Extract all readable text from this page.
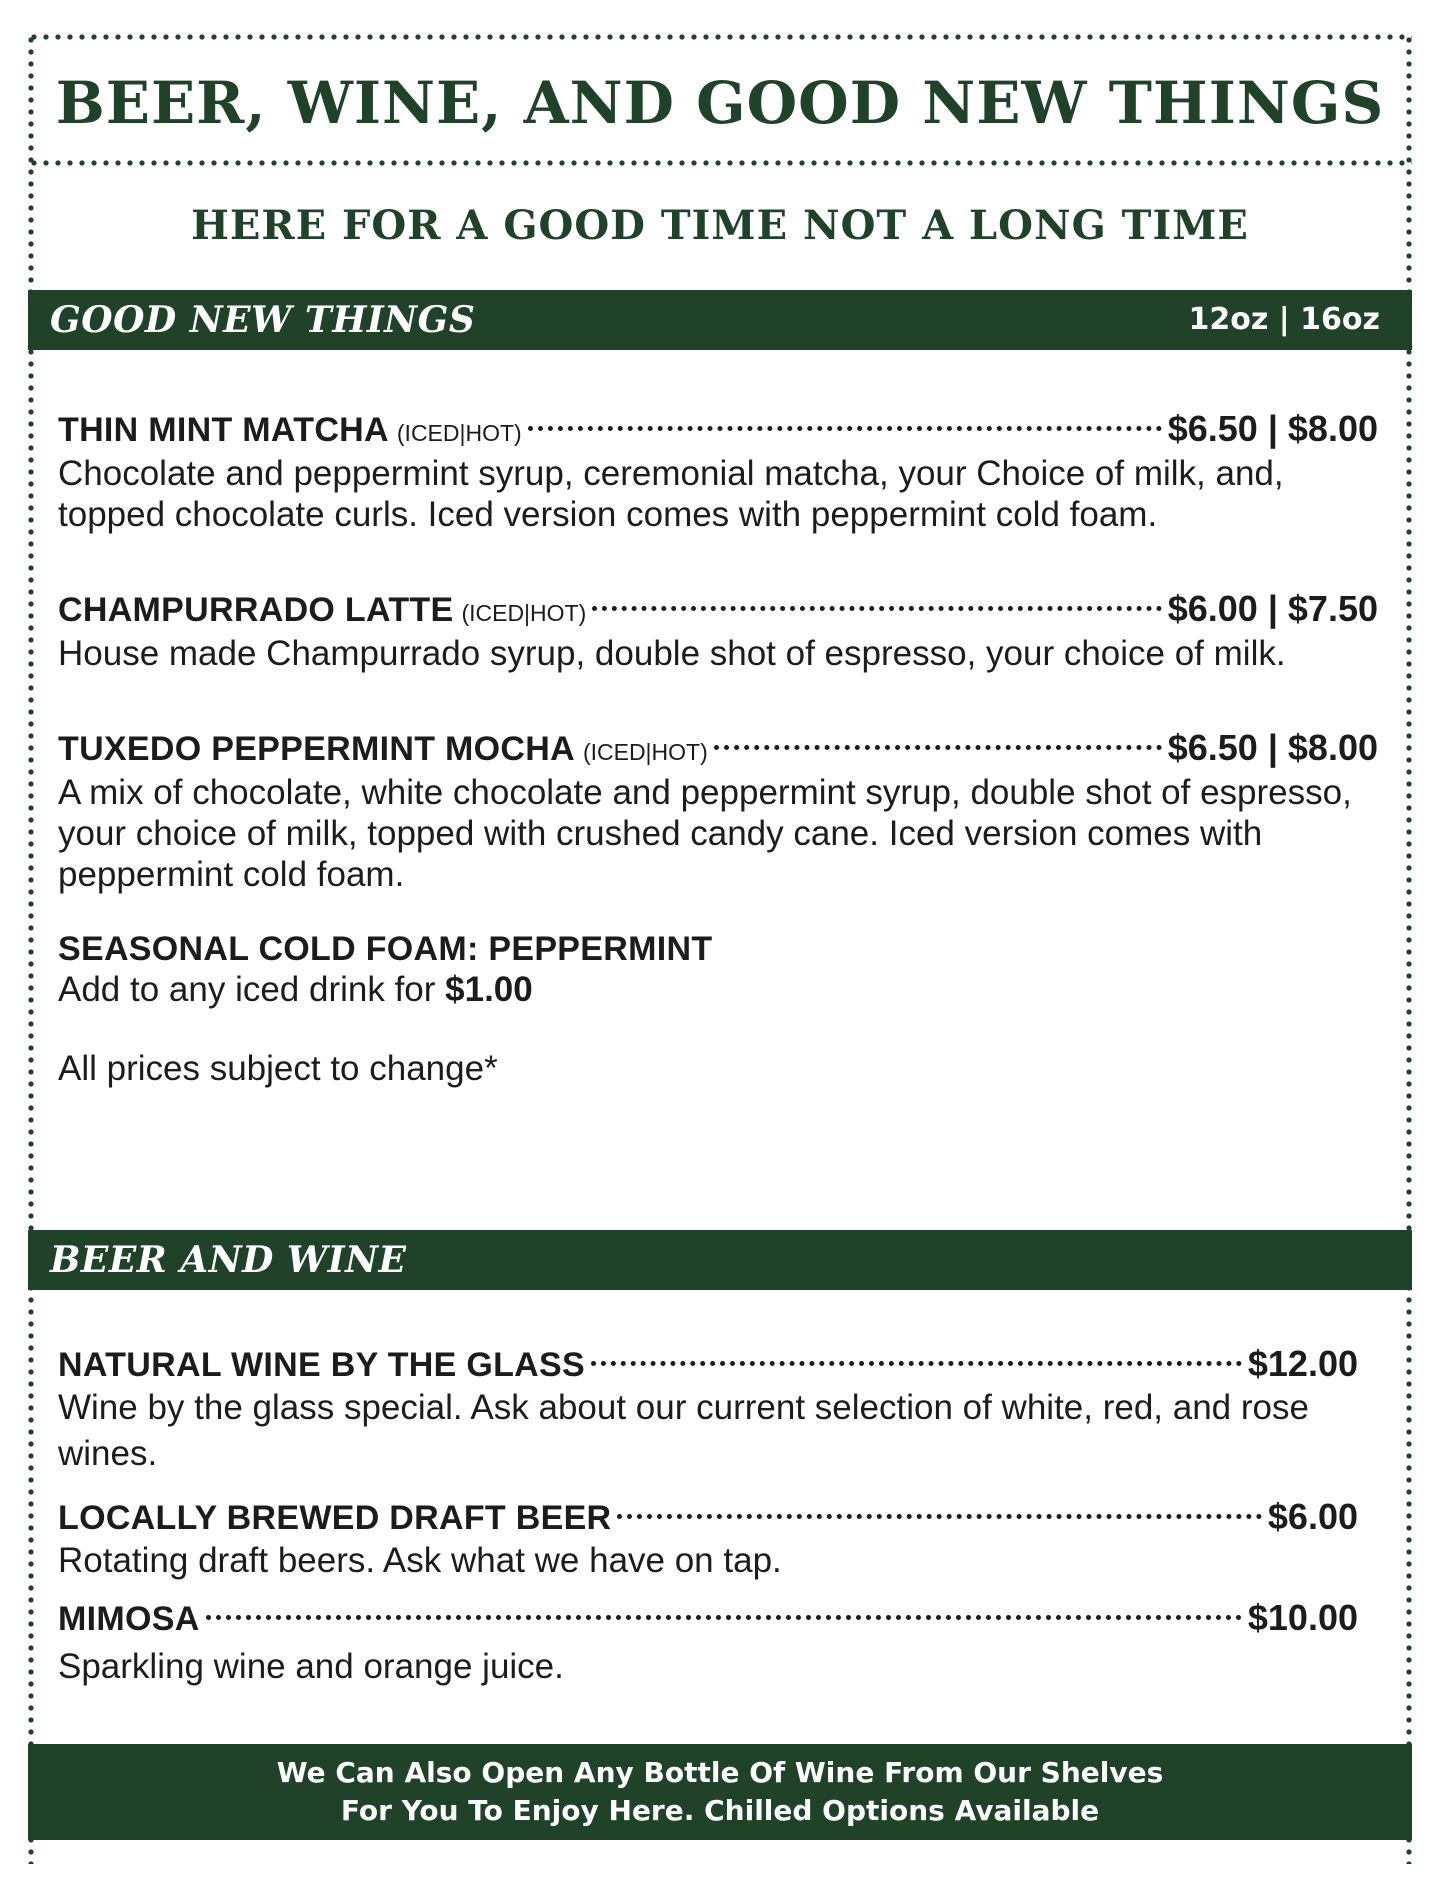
BEER, WINE, AND GOOD NEW THINGS
HERE FOR A GOOD TIME NOT A LONG TIME
GOOD NEW THINGS	12oz | 16oz
THIN MINT MATCHA (ICED|HOT)	$6.50 | $8.00

Chocolate and peppermint syrup, ceremonial matcha, your Choice of milk, and, topped chocolate curls. Iced version comes with peppermint cold foam.

CHAMPURRADO LATTE (ICED|HOT)	$6.00 | $7.50

House made Champurrado syrup, double shot of espresso, your choice of milk.

TUXEDO PEPPERMINT MOCHA (ICED|HOT)	$6.50 | $8.00

A mix of chocolate, white chocolate and peppermint syrup, double shot of espresso, your choice of milk, topped with crushed candy cane. Iced version comes with peppermint cold foam.

SEASONAL COLD FOAM: PEPPERMINT

Add to any iced drink for $1.00

All prices subject to change*

BEER AND WINE
NATURAL WINE BY THE GLASS	$12.00

Wine by the glass special. Ask about our current selection of white, red, and rose wines.

LOCALLY BREWED DRAFT BEER	$6.00

Rotating draft beers. Ask what we have on tap.

MIMOSA	$10.00

Sparkling wine and orange juice.

We Can Also Open Any Bottle Of Wine From Our Shelves
For You To Enjoy Here. Chilled Options Available
